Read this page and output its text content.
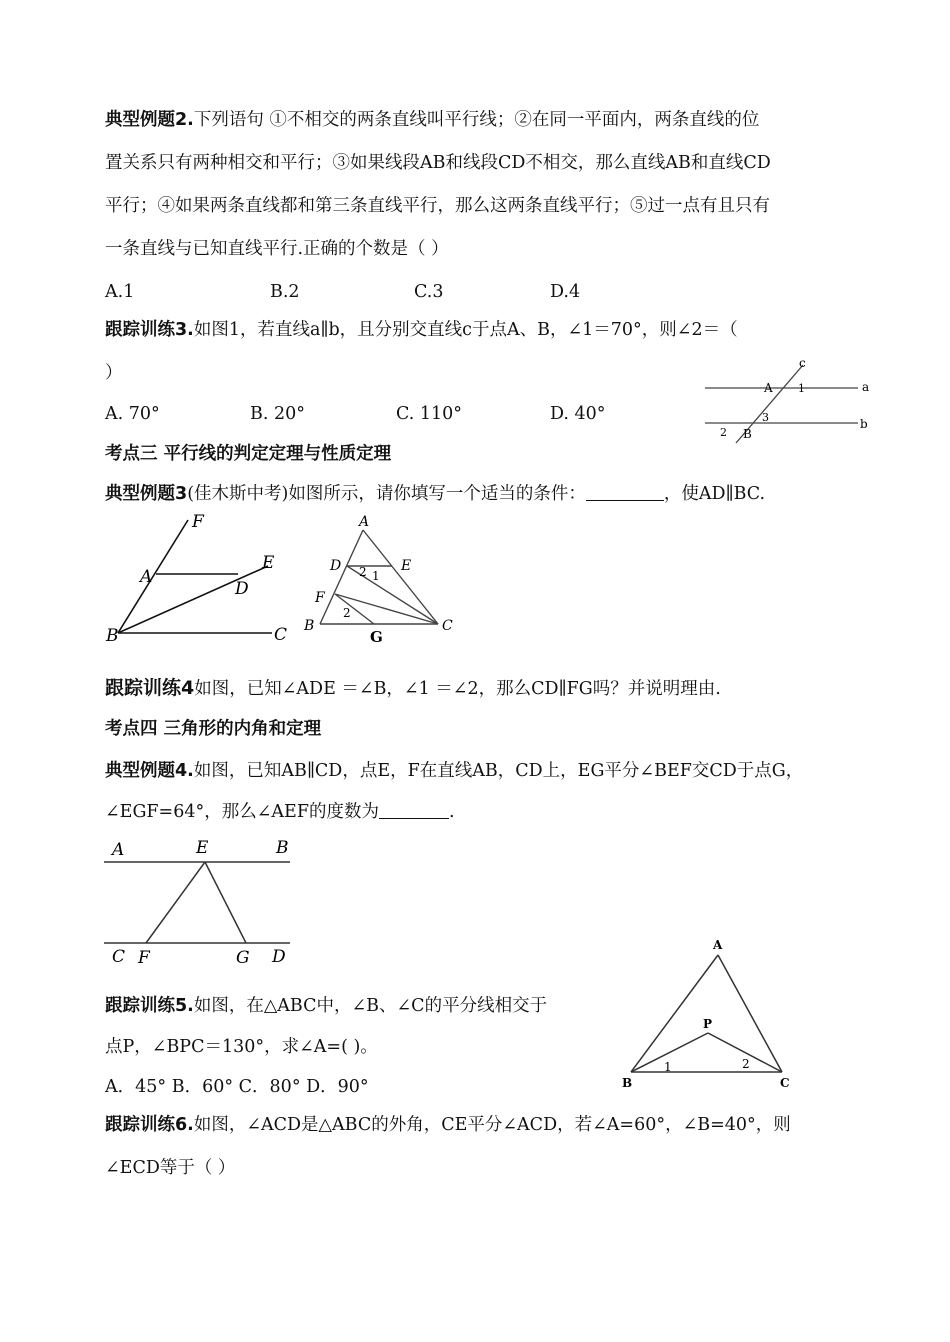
典型例题2.下列语句 ①不相交的两条直线叫平行线；②在同一平面内，两条直线的位
置关系只有两种相交和平行；③如果线段AB和线段CD不相交，那么直线AB和直线CD
平行；④如果两条直线都和第三条直线平行，那么这两条直线平行；⑤过一点有且只有
一条直线与已知直线平行.正确的个数是（ ）
A.1	B.2	C.3	D.4
跟踪训练3.如图1，若直线a∥b，且分别交直线c于点A、B，∠1＝70°，则∠2＝（
）
A. 70°	B. 20°	C. 110°	D. 40°
c
a
b
A
B
1
3
2
考点三 平行线的判定定理与性质定理
典型例题3(佳木斯中考)如图所示，请你填写一个适当的条件：	，使AD∥BC.
F
E
A
D
B	C
A
D	E
F
B
G
C
2 1
2
跟踪训练4如图，已知∠ADE ＝∠B，∠1 ＝∠2，那么CD∥FG吗？并说明理由.
考点四 三角形的内角和定理
典型例题4.如图，已知AB∥CD，点E，F在直线AB，CD上，EG平分∠BEF交CD于点G，
∠EGF=64°，那么∠AEF的度数为	.
A	E	B
C F	G D
跟踪训练5.如图，在△ABC中，∠B、∠C的平分线相交于
点P，∠BPC＝130°，求∠A=( )。
A．45° B．60° C．80° D．90°
A
P
B	C
1	2
跟踪训练6.如图，∠ACD是△ABC的外角，CE平分∠ACD，若∠A=60°，∠B=40°，则
∠ECD等于（ ）
